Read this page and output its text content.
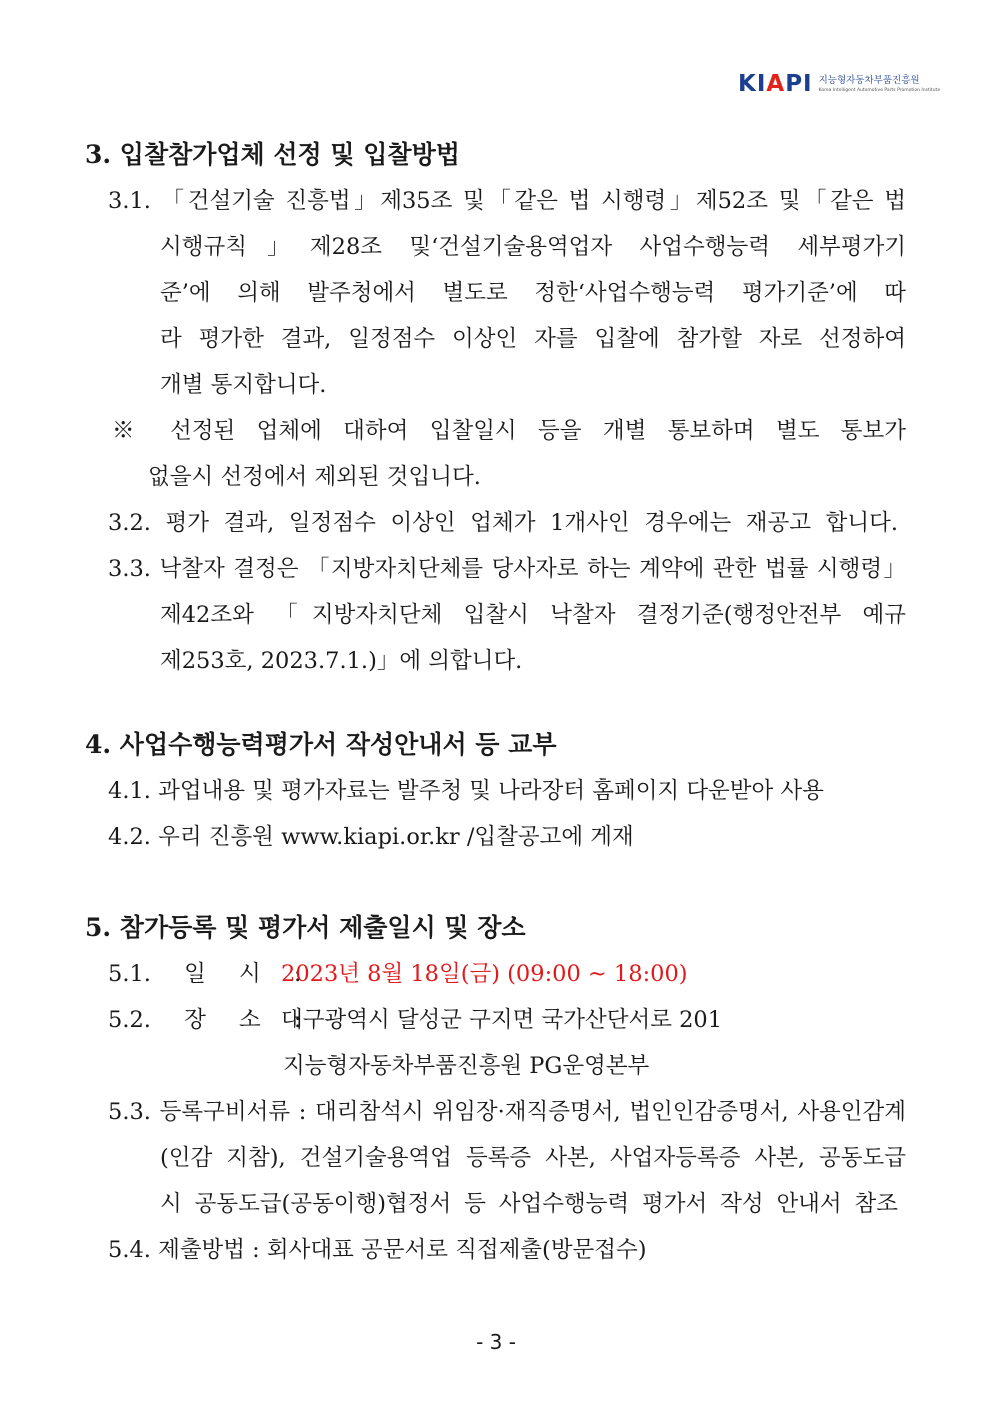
KIAPI 지능형자동차부품진흥원
Korea Intelligent Automotive Parts Promotion Institute
3. 입찰참가업체 선정 및 입찰방법
3.1. 「건설기술 진흥법」제35조 및「같은 법 시행령」제52조 및「같은 법
시행규칙」제28조 및‘건설기술용역업자 사업수행능력 세부평가기
준’에 의해 발주청에서 별도로 정한‘사업수행능력 평가기준’에 따
라 평가한 결과, 일정점수 이상인 자를 입찰에 참가할 자로 선정하여
개별 통지합니다.
※ 선정된 업체에 대하여 입찰일시 등을 개별 통보하며 별도 통보가
없을시 선정에서 제외된 것입니다.
3.2. 평가 결과, 일정점수 이상인 업체가 1개사인 경우에는 재공고 합니다.
3.3. 낙찰자 결정은 「지방자치단체를 당사자로 하는 계약에 관한 법률 시행령」
제42조와 「지방자치단체 입찰시 낙찰자 결정기준(행정안전부 예규
제253호, 2023.7.1.)」에 의합니다.
4. 사업수행능력평가서 작성안내서 등 교부
4.1. 과업내용 및 평가자료는 발주청 및 나라장터 홈페이지 다운받아 사용
4.2. 우리 진흥원 www.kiapi.or.kr /입찰공고에 게재
5. 참가등록 및 평가서 제출일시 및 장소
5.1. 일 시 :
2023년 8월 18일(금) (09:00 ~ 18:00)
5.2. 장 소 :
대구광역시 달성군 구지면 국가산단서로 201
지능형자동차부품진흥원 PG운영본부
5.3. 등록구비서류 : 대리참석시 위임장·재직증명서, 법인인감증명서, 사용인감계
(인감 지참), 건설기술용역업 등록증 사본, 사업자등록증 사본, 공동도급
시 공동도급(공동이행)협정서 등 사업수행능력 평가서 작성 안내서 참조
5.4. 제출방법 : 회사대표 공문서로 직접제출(방문접수)
- 3 -
